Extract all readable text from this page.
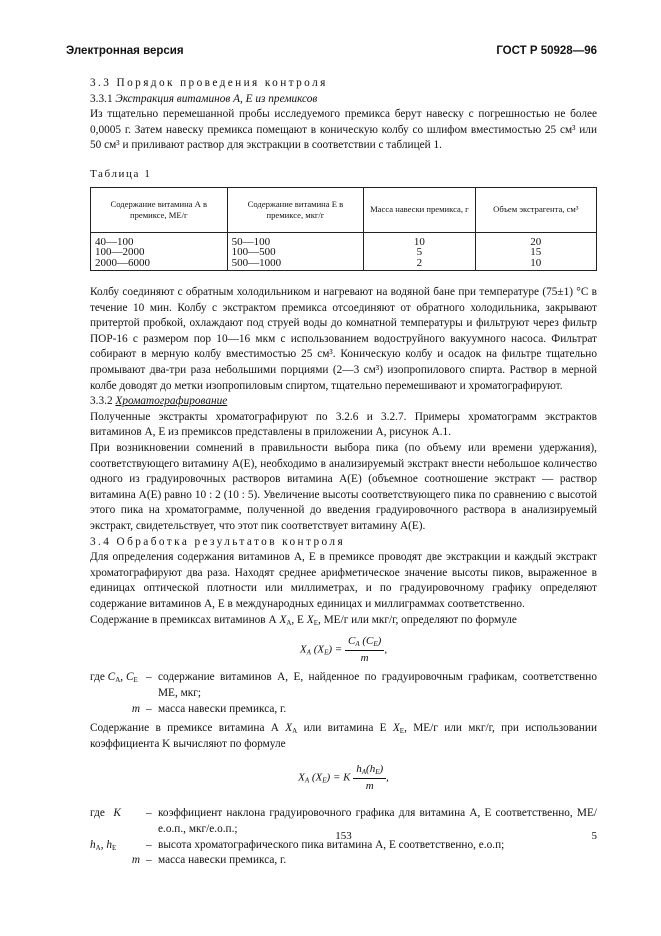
Электронная версия	ГОСТ Р 50928—96
3.3 Порядок проведения контроля
3.3.1 Экстракция витаминов А, Е из премиксов

Из тщательно перемешанной пробы исследуемого премикса берут навеску с погрешностью не более 0,0005 г. Затем навеску премикса помещают в коническую колбу со шлифом вместимостью 25 см³ или 50 см³ и приливают раствор для экстракции в соответствии с таблицей 1.

Таблица 1
Содержание витамина А в премиксе, МЕ/г	Содержание витамина Е в премиксе, мкг/г	Масса навески премикса, г	Объем экстрагента, см³
40—100	50—100	10	20
100—2000	100—500	5	15
2000—6000	500—1000	2	10

Колбу соединяют с обратным холодильником и нагревают на водяной бане при температуре (75±1) °С в течение 10 мин. Колбу с экстрактом премикса отсоединяют от обратного холодильника, закрывают притертой пробкой, охлаждают под струей воды до комнатной температуры и фильтруют через фильтр ПОР-16 с размером пор 10—16 мкм с использованием водоструйного вакуумного насоса. Фильтрат собирают в мерную колбу вместимостью 25 см³. Коническую колбу и осадок на фильтре тщательно промывают два-три раза небольшими порциями (2—3 см³) изопропилового спирта. Раствор в мерной колбе доводят до метки изопропиловым спиртом, тщательно перемешивают и хроматографируют.

3.3.2 Хроматографирование

Полученные экстракты хроматографируют по 3.2.6 и 3.2.7. Примеры хроматограмм экстрактов витаминов А, Е из премиксов представлены в приложении А, рисунок А.1.

При возникновении сомнений в правильности выбора пика (по объему или времени удержания), соответствующего витамину А(Е), необходимо в анализируемый экстракт внести небольшое количество одного из градуировочных растворов витамина А(Е) (объемное соотношение экстракт — раствор витамина А(Е) равно 10 : 2 (10 : 5). Увеличение высоты соответствующего пика по сравнению с высотой этого пика на хроматограмме, полученной до введения градуировочного раствора в анализируемый экстракт, свидетельствует, что этот пик соответствует витамину А(Е).

3.4 Обработка результатов контроля

Для определения содержания витаминов А, Е в премиксе проводят две экстракции и каждый экстракт хроматографируют два раза. Находят среднее арифметическое значение высоты пиков, выраженное в единицах оптической плотности или миллиметрах, и по градуировочному графику определяют содержание витаминов А, Е в международных единицах и миллиграммах соответственно.

Содержание в премиксах витаминов А $X_A$, E $X_E$, МЕ/г или мкг/г, определяют по формуле

$X_A$ $(X_E) = \frac{C_A (C_E)}{m}$ ,
где $C_A$, $C_E$ – содержание витаминов А, Е, найденное по градуировочным графикам, соответственно МЕ, мкг;
m – масса навески премикса, г.

Содержание в премиксе витамина А $X_A$ или витамина Е $X_E$, МЕ/г или мкг/г, при использовании коэффициента K вычисляют по формуле

$X_A$ $(X_E) = K \frac{h_A(h_E)}{m}$ ,
где K	– коэффициент наклона градуировочного графика для витамина А, Е соответственно, МЕ/е.о.п., мкг/е.о.п.;
$h_A$, $h_E$	– высота хроматографического пика витамина А, Е соответственно, е.о.п;
m – масса навески премикса, г.
153	5
